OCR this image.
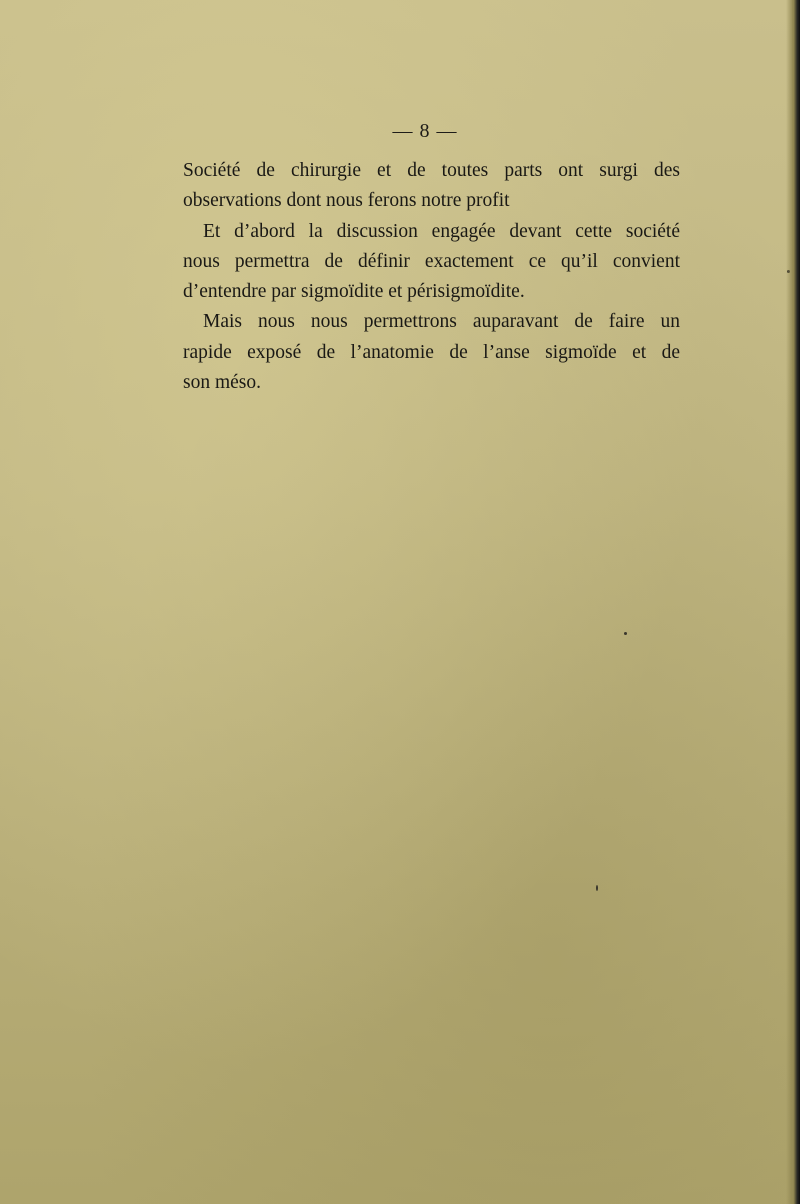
— 8 —
Société de chirurgie et de toutes parts ont surgi des
observations dont nous ferons notre profit
Et d’abord la discussion engagée devant cette société
nous permettra de définir exactement ce qu’il convient
d’entendre par sigmoïdite et périsigmoïdite.
Mais nous nous permettrons auparavant de faire un
rapide exposé de l’anatomie de l’anse sigmoïde et de
son méso.
